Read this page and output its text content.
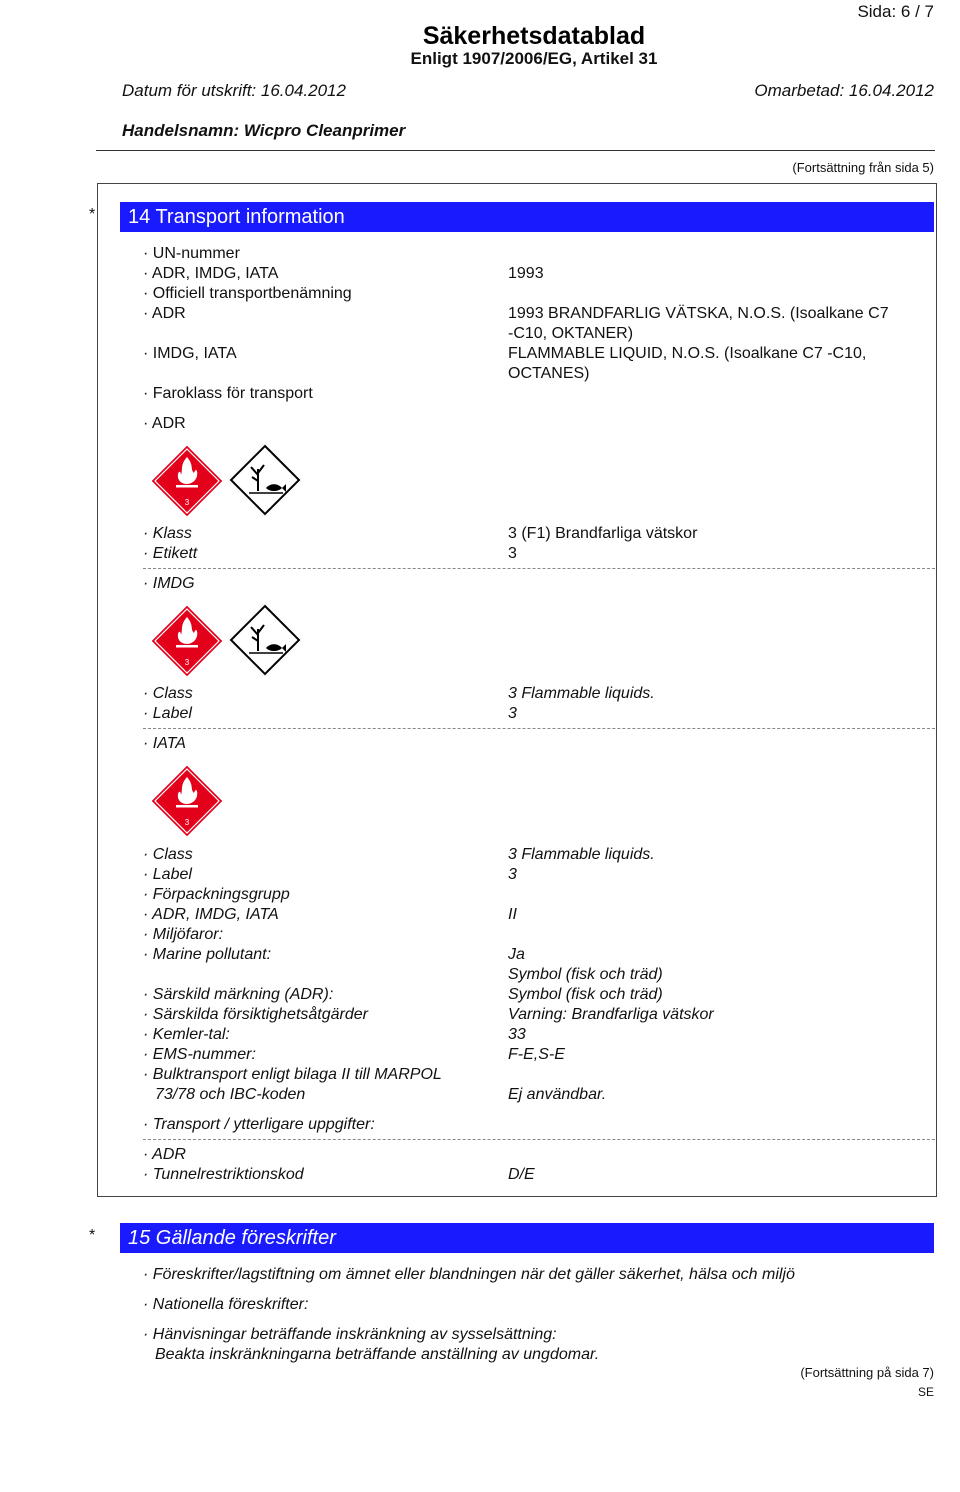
Sida: 6 / 7
Säkerhetsdatablad
Enligt 1907/2006/EG, Artikel 31
Datum för utskrift: 16.04.2012	Omarbetad: 16.04.2012
Handelsnamn: Wicpro Cleanprimer
(Fortsättning från sida 5)
*	14 Transport information
· UN-nummer
· ADR, IMDG, IATA	1993
· Officiell transportbenämning
· ADR	1993 BRANDFARLIG VÄTSKA, N.O.S. (Isoalkane C7
-C10, OKTANER)
· IMDG, IATA	FLAMMABLE LIQUID, N.O.S. (Isoalkane C7 -C10,
OCTANES)
· Faroklass för transport
· ADR
3
· Klass	3 (F1) Brandfarliga vätskor
· Etikett	3
· IMDG
3
· Class	3 Flammable liquids.
· Label	3
· IATA
3
· Class	3 Flammable liquids.
· Label	3
· Förpackningsgrupp
· ADR, IMDG, IATA	II
· Miljöfaror:
· Marine pollutant:	Ja
Symbol (fisk och träd)
· Särskild märkning (ADR):	Symbol (fisk och träd)
· Särskilda försiktighetsåtgärder	Varning: Brandfarliga vätskor
· Kemler-tal:	33
· EMS-nummer:	F-E,S-E
· Bulktransport enligt bilaga II till MARPOL
73/78 och IBC-koden	Ej användbar.
· Transport / ytterligare uppgifter:
· ADR
· Tunnelrestriktionskod	D/E
*	15 Gällande föreskrifter
· Föreskrifter/lagstiftning om ämnet eller blandningen när det gäller säkerhet, hälsa och miljö
· Nationella föreskrifter:
· Hänvisningar beträffande inskränkning av sysselsättning:
Beakta inskränkningarna beträffande anställning av ungdomar.
(Fortsättning på sida 7)
SE
